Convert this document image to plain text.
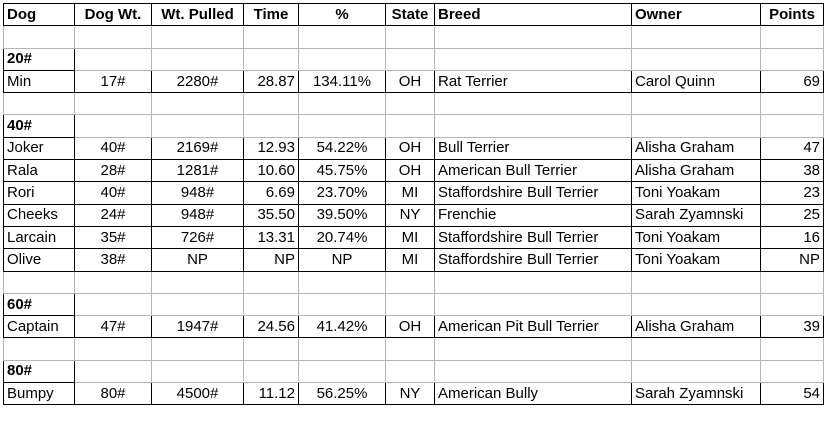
Dog	Dog Wt.	Wt. Pulled	Time	%	State	Breed	Owner	Points

20#								
Min	17#	2280#	28.87	134.11%	OH	Rat Terrier	Carol Quinn	69

40#								
Joker	40#	2169#	12.93	54.22%	OH	Bull Terrier	Alisha Graham	47
Rala	28#	1281#	10.60	45.75%	OH	American Bull Terrier	Alisha Graham	38
Rori	40#	948#	6.69	23.70%	MI	Staffordshire Bull Terrier	Toni Yoakam	23
Cheeks	24#	948#	35.50	39.50%	NY	Frenchie	Sarah Zyamnski	25
Larcain	35#	726#	13.31	20.74%	MI	Staffordshire Bull Terrier	Toni Yoakam	16
Olive	38#	NP	NP	NP	MI	Staffordshire Bull Terrier	Toni Yoakam	NP

60#								
Captain	47#	1947#	24.56	41.42%	OH	American Pit Bull Terrier	Alisha Graham	39

80#								
Bumpy	80#	4500#	11.12	56.25%	NY	American Bully	Sarah Zyamnski	54
